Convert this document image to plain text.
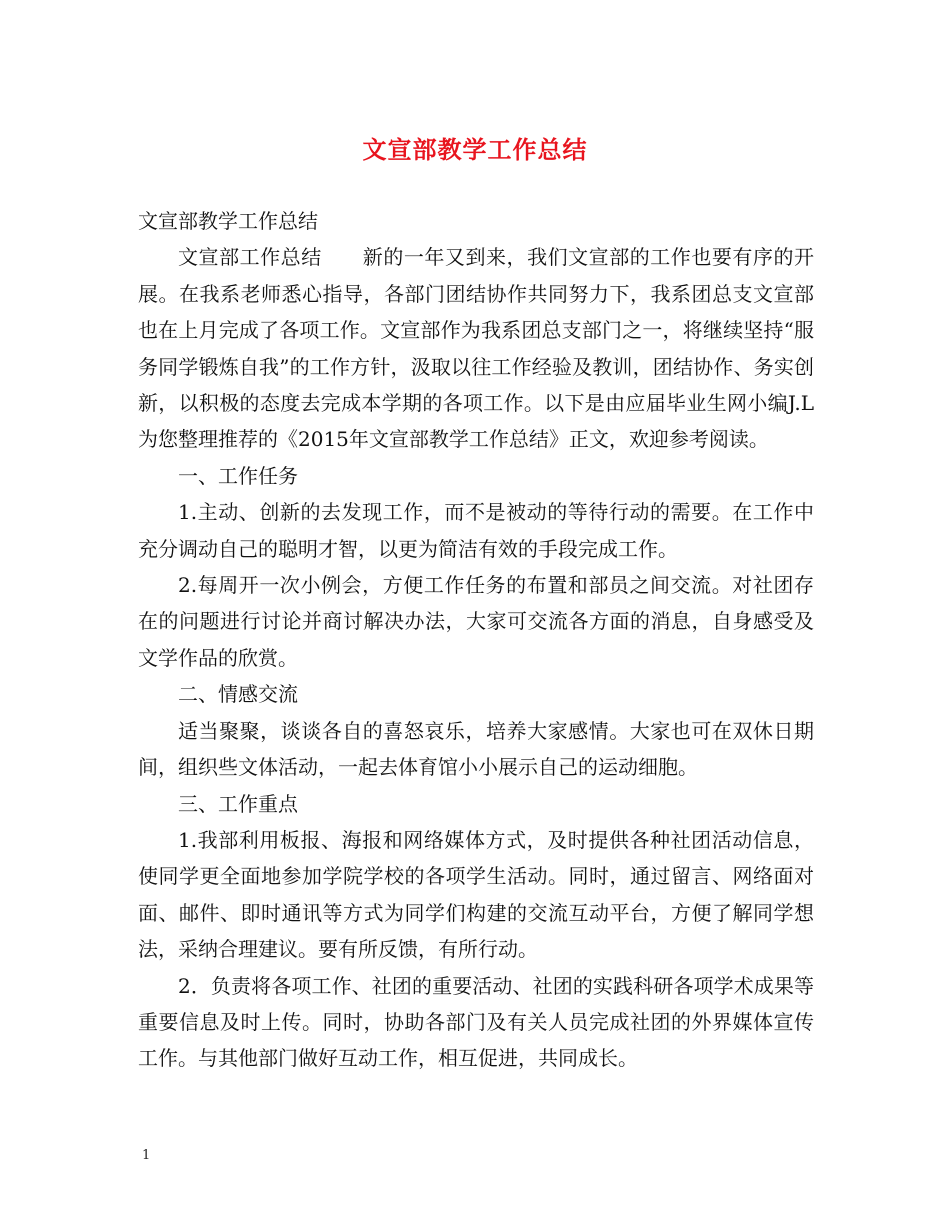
文宣部教学工作总结

文宣部教学工作总结

文宣部工作总结　　新的一年又到来，我们文宣部的工作也要有序的开展。在我系老师悉心指导，各部门团结协作共同努力下，我系团总支文宣部也在上月完成了各项工作。文宣部作为我系团总支部门之一，将继续坚持“服务同学锻炼自我”的工作方针，汲取以往工作经验及教训，团结协作、务实创新，以积极的态度去完成本学期的各项工作。以下是由应届毕业生网小编J.L为您整理推荐的《2015年文宣部教学工作总结》正文，欢迎参考阅读。

一、工作任务

1.主动、创新的去发现工作，而不是被动的等待行动的需要。在工作中充分调动自己的聪明才智，以更为简洁有效的手段完成工作。

2.每周开一次小例会，方便工作任务的布置和部员之间交流。对社团存在的问题进行讨论并商讨解决办法，大家可交流各方面的消息，自身感受及文学作品的欣赏。

二、情感交流

适当聚聚，谈谈各自的喜怒哀乐，培养大家感情。大家也可在双休日期间，组织些文体活动，一起去体育馆小小展示自己的运动细胞。

三、工作重点

1.我部利用板报、海报和网络媒体方式，及时提供各种社团活动信息，使同学更全面地参加学院学校的各项学生活动。同时，通过留言、网络面对面、邮件、即时通讯等方式为同学们构建的交流互动平台，方便了解同学想法，采纳合理建议。要有所反馈，有所行动。

2．负责将各项工作、社团的重要活动、社团的实践科研各项学术成果等重要信息及时上传。同时，协助各部门及有关人员完成社团的外界媒体宣传工作。与其他部门做好互动工作，相互促进，共同成长。

1
